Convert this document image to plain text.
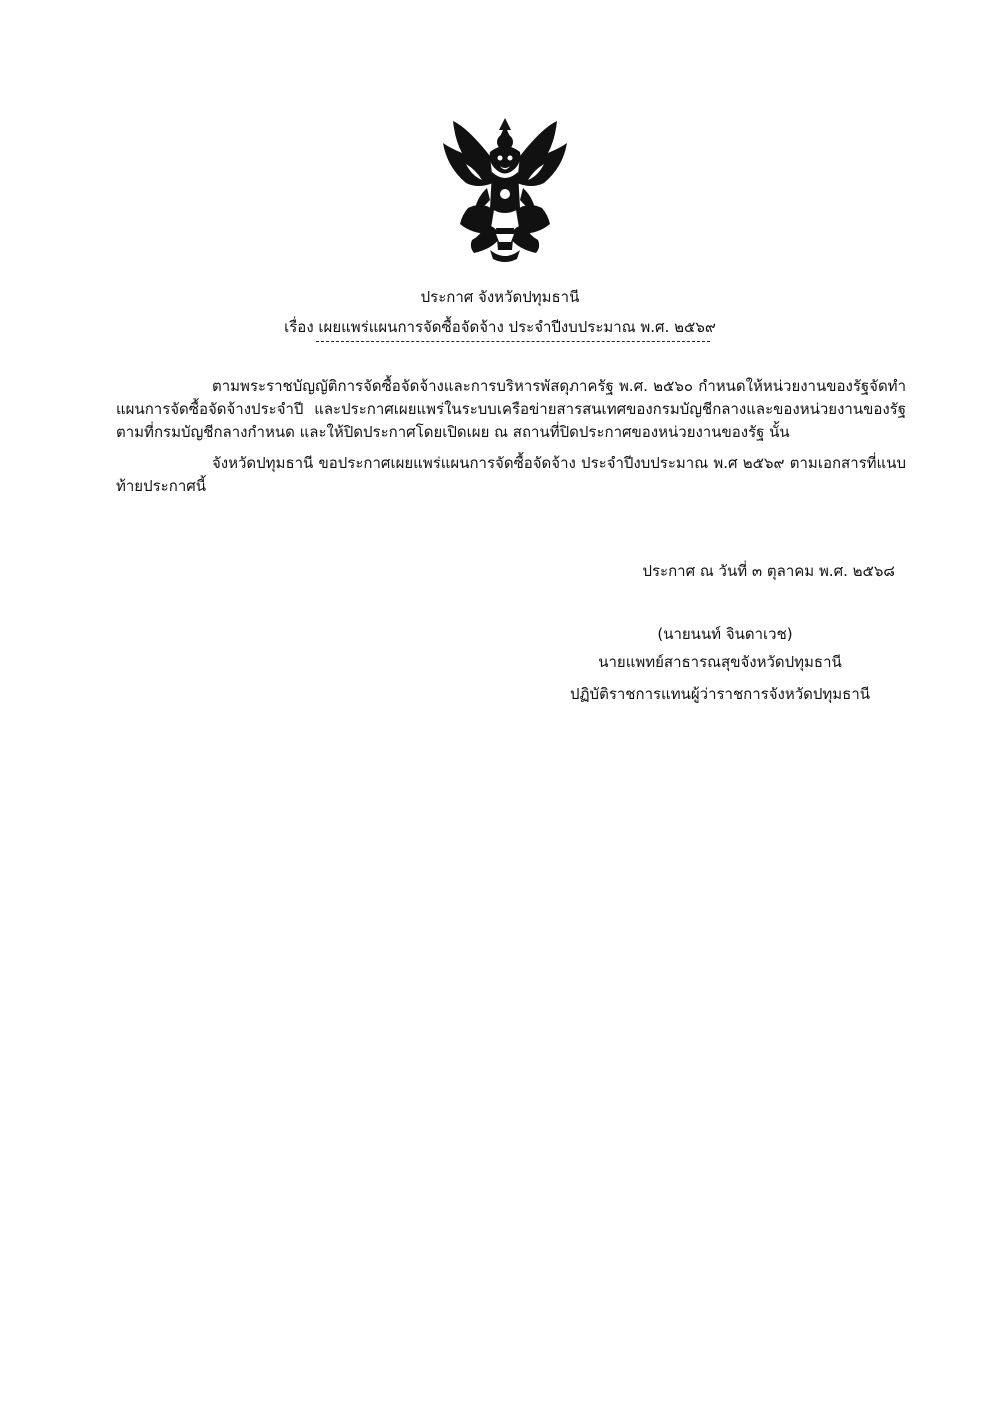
ประกาศ จังหวัดปทุมธานี
เรื่อง เผยแพร่แผนการจัดซื้อจัดจ้าง ประจำปีงบประมาณ พ.ศ. ๒๕๖๙

ตามพระราชบัญญัติการจัดซื้อจัดจ้างและการบริหารพัสดุภาครัฐ พ.ศ. ๒๕๖๐ กำหนดให้หน่วยงานของรัฐจัดทำแผนการจัดซื้อจัดจ้างประจำปี และประกาศเผยแพร่ในระบบเครือข่ายสารสนเทศของกรมบัญชีกลางและของหน่วยงานของรัฐตามที่กรมบัญชีกลางกำหนด และให้ปิดประกาศโดยเปิดเผย ณ สถานที่ปิดประกาศของหน่วยงานของรัฐ นั้น

จังหวัดปทุมธานี ขอประกาศเผยแพร่แผนการจัดซื้อจัดจ้าง ประจำปีงบประมาณ พ.ศ ๒๕๖๙ ตามเอกสารที่แนบท้ายประกาศนี้

ประกาศ ณ วันที่ ๓ ตุลาคม พ.ศ. ๒๕๖๘
(นายนนท์ จินดาเวช)
นายแพทย์สาธารณสุขจังหวัดปทุมธานี
ปฏิบัติราชการแทนผู้ว่าราชการจังหวัดปทุมธานี
